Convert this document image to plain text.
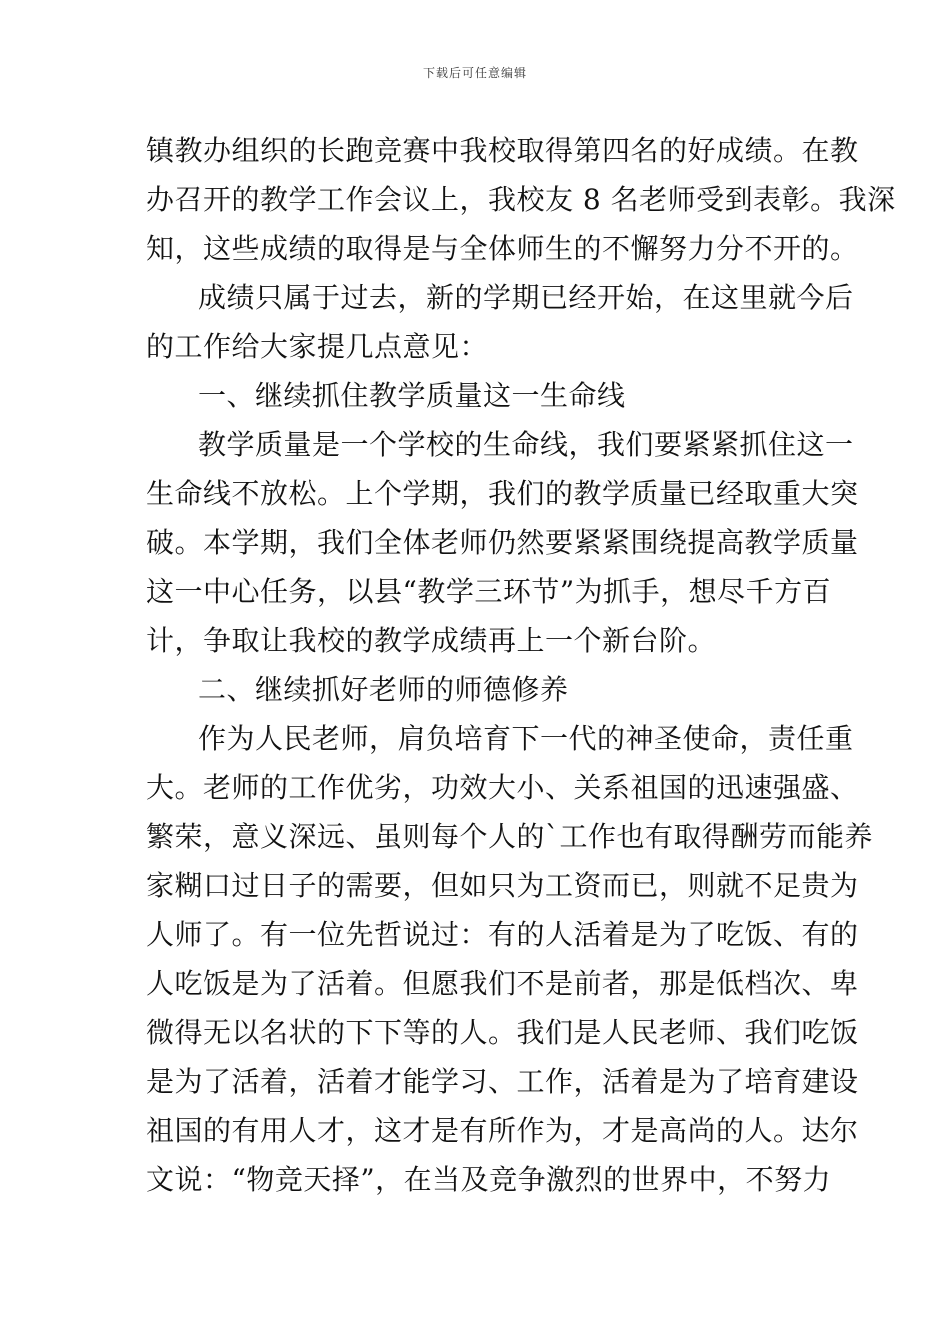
下载后可任意编辑
镇教办组织的长跑竞赛中我校取得第四名的好成绩。在教
办召开的教学工作会议上，我校友 8 名老师受到表彰。我深
知，这些成绩的取得是与全体师生的不懈努力分不开的。
成绩只属于过去，新的学期已经开始，在这里就今后
的工作给大家提几点意见：
一、继续抓住教学质量这一生命线
教学质量是一个学校的生命线，我们要紧紧抓住这一
生命线不放松。上个学期，我们的教学质量已经取重大突
破。本学期，我们全体老师仍然要紧紧围绕提高教学质量
这一中心任务，以县“教学三环节”为抓手，想尽千方百
计，争取让我校的教学成绩再上一个新台阶。
二、继续抓好老师的师德修养
作为人民老师，肩负培育下一代的神圣使命，责任重
大。老师的工作优劣，功效大小、关系祖国的迅速强盛、
繁荣，意义深远、虽则每个人的`工作也有取得酬劳而能养
家糊口过日子的需要，但如只为工资而已，则就不足贵为
人师了。有一位先哲说过：有的人活着是为了吃饭、有的
人吃饭是为了活着。但愿我们不是前者，那是低档次、卑
微得无以名状的下下等的人。我们是人民老师、我们吃饭
是为了活着，活着才能学习、工作，活着是为了培育建设
祖国的有用人才，这才是有所作为，才是高尚的人。达尔
文说：“物竞天择”，在当及竞争激烈的世界中，不努力
